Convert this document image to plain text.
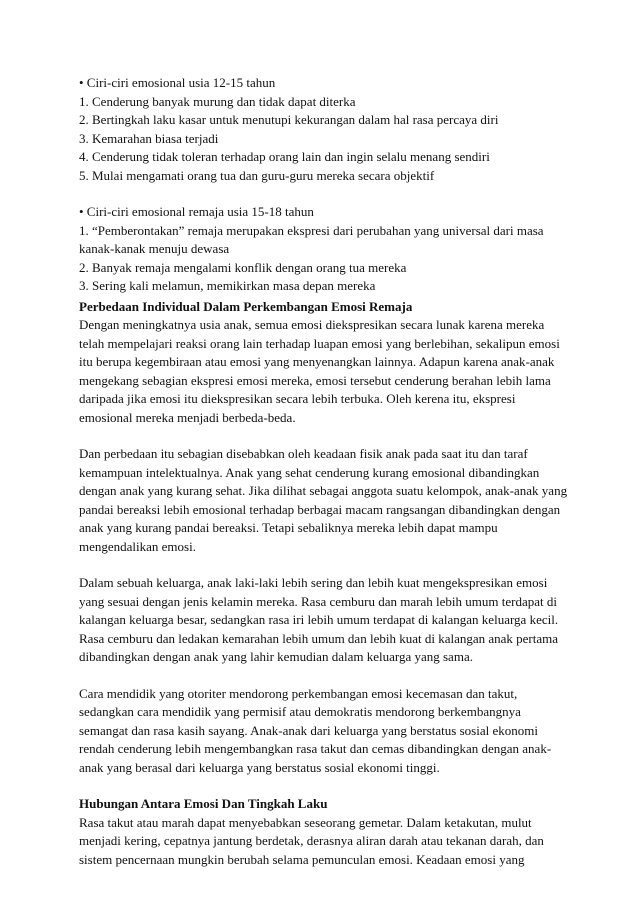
• Ciri-ciri emosional usia 12-15 tahun
1. Cenderung banyak murung dan tidak dapat diterka
2. Bertingkah laku kasar untuk menutupi kekurangan dalam hal rasa percaya diri
3. Kemarahan biasa terjadi
4. Cenderung tidak toleran terhadap orang lain dan ingin selalu menang sendiri
5. Mulai mengamati orang tua dan guru-guru mereka secara objektif
• Ciri-ciri emosional remaja usia 15-18 tahun
1. “Pemberontakan” remaja merupakan ekspresi dari perubahan yang universal dari masa kanak-kanak menuju dewasa
2. Banyak remaja mengalami konflik dengan orang tua mereka
3. Sering kali melamun, memikirkan masa depan mereka
Perbedaan Individual Dalam Perkembangan Emosi Remaja
Dengan meningkatnya usia anak, semua emosi diekspresikan secara lunak karena mereka telah mempelajari reaksi orang lain terhadap luapan emosi yang berlebihan, sekalipun emosi itu berupa kegembiraan atau emosi yang menyenangkan lainnya. Adapun karena anak-anak mengekang sebagian ekspresi emosi mereka, emosi tersebut cenderung berahan lebih lama daripada jika emosi itu diekspresikan secara lebih terbuka. Oleh kerena itu, ekspresi emosional mereka menjadi berbeda-beda.
Dan perbedaan itu sebagian disebabkan oleh keadaan fisik anak pada saat itu dan taraf kemampuan intelektualnya. Anak yang sehat cenderung kurang emosional dibandingkan dengan anak yang kurang sehat. Jika dilihat sebagai anggota suatu kelompok, anak-anak yang pandai bereaksi lebih emosional terhadap berbagai macam rangsangan dibandingkan dengan anak yang kurang pandai bereaksi. Tetapi sebaliknya mereka lebih dapat mampu mengendalikan emosi.
Dalam sebuah keluarga, anak laki-laki lebih sering dan lebih kuat mengekspresikan emosi yang sesuai dengan jenis kelamin mereka. Rasa cemburu dan marah lebih umum terdapat di kalangan keluarga besar, sedangkan rasa iri lebih umum terdapat di kalangan keluarga kecil. Rasa cemburu dan ledakan kemarahan lebih umum dan lebih kuat di kalangan anak pertama dibandingkan dengan anak yang lahir kemudian dalam keluarga yang sama.
Cara mendidik yang otoriter mendorong perkembangan emosi kecemasan dan takut, sedangkan cara mendidik yang permisif atau demokratis mendorong berkembangnya semangat dan rasa kasih sayang. Anak-anak dari keluarga yang berstatus sosial ekonomi rendah cenderung lebih mengembangkan rasa takut dan cemas dibandingkan dengan anak-anak yang berasal dari keluarga yang berstatus sosial ekonomi tinggi.
Hubungan Antara Emosi Dan Tingkah Laku
Rasa takut atau marah dapat menyebabkan seseorang gemetar. Dalam ketakutan, mulut menjadi kering, cepatnya jantung berdetak, derasnya aliran darah atau tekanan darah, dan sistem pencernaan mungkin berubah selama pemunculan emosi. Keadaan emosi yang
